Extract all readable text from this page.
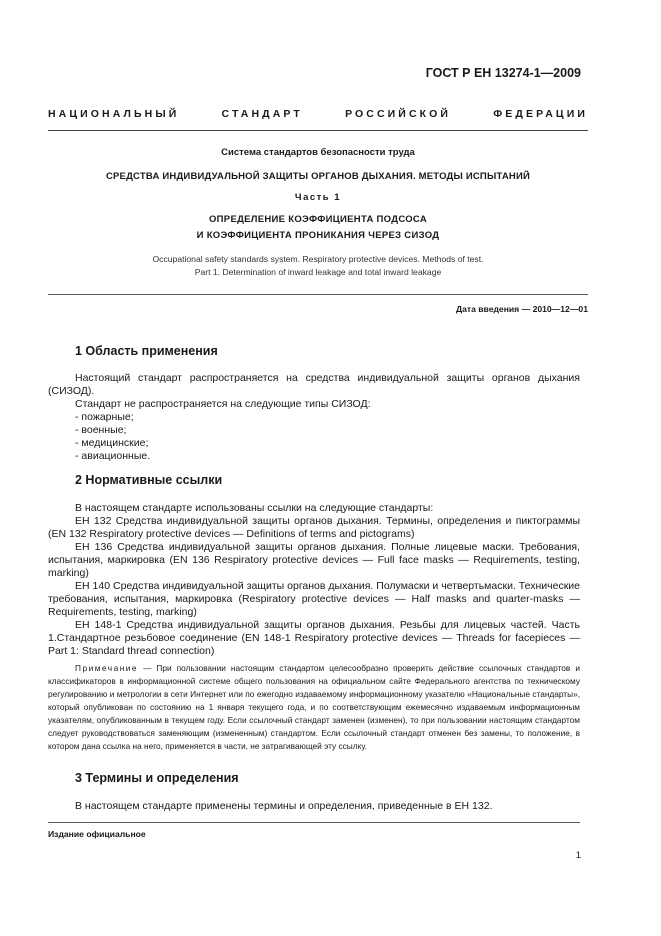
ГОСТ Р ЕН 13274-1—2009
НАЦИОНАЛЬНЫЙ СТАНДАРТ РОССИЙСКОЙ ФЕДЕРАЦИИ
Система стандартов безопасности труда
СРЕДСТВА ИНДИВИДУАЛЬНОЙ ЗАЩИТЫ ОРГАНОВ ДЫХАНИЯ. МЕТОДЫ ИСПЫТАНИЙ
Часть 1
ОПРЕДЕЛЕНИЕ КОЭФФИЦИЕНТА ПОДСОСА
И КОЭФФИЦИЕНТА ПРОНИКАНИЯ ЧЕРЕЗ СИЗОД
Occupational safety standards system. Respiratory protective devices. Methods of test.
Part 1. Determination of inward leakage and total inward leakage
Дата введения — 2010—12—01
1 Область применения

Настоящий стандарт распространяется на средства индивидуальной защиты органов дыхания (СИЗОД).

Стандарт не распространяется на следующие типы СИЗОД:

- пожарные;

- военные;

- медицинские;

- авиационные.

2 Нормативные ссылки

В настоящем стандарте использованы ссылки на следующие стандарты:

ЕН 132 Средства индивидуальной защиты органов дыхания. Термины, определения и пиктограммы (EN 132 Respiratory protective devices — Definitions of terms and pictograms)

ЕН 136 Средства индивидуальной защиты органов дыхания. Полные лицевые маски. Требования, испытания, маркировка (EN 136 Respiratory protective devices — Full face masks — Requirements, testing, marking)

ЕН 140 Средства индивидуальной защиты органов дыхания. Полумаски и четвертьмаски. Технические требования, испытания, маркировка (Respiratory protective devices — Half masks and quarter-masks — Requirements, testing, marking)

ЕН 148-1 Средства индивидуальной защиты органов дыхания. Резьбы для лицевых частей. Часть 1.Стандартное резьбовое соединение (EN 148-1 Respiratory protective devices — Threads for facepieces — Part 1: Standard thread connection)

Примечание — При пользовании настоящим стандартом целесообразно проверить действие ссылочных стандартов и классификаторов в информационной системе общего пользования на официальном сайте Федерального агентства по техническому регулированию и метрологии в сети Интернет или по ежегодно издаваемому информационному указателю «Национальные стандарты», который опубликован по состоянию на 1 января текущего года, и по соответствующим ежемесячно издаваемым информационным указателям, опубликованным в текущем году. Если ссылочный стандарт заменен (изменен), то при пользовании настоящим стандартом следует руководствоваться заменяющим (измененным) стандартом. Если ссылочный стандарт отменен без замены, то положение, в котором дана ссылка на него, применяется в части, не затрагивающей эту ссылку.

3 Термины и определения

В настоящем стандарте применены термины и определения, приведенные в ЕН 132.

Издание официальное
1
